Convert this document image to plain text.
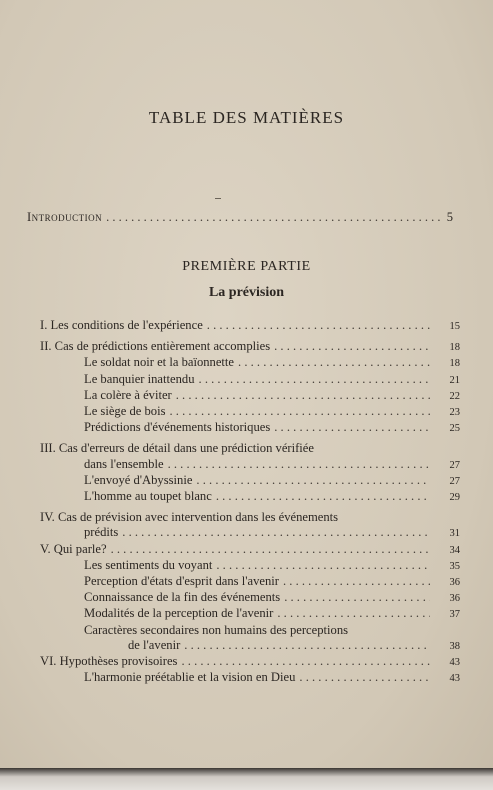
TABLE DES MATIÈRES
Introduction . . .	5
PREMIÈRE PARTIE
La prévision
I. Les conditions de l'expérience . . .	15
II. Cas de prédictions entièrement accomplies . . .	18
Le soldat noir et la baïonnette . . .	18
Le banquier inattendu . . .	21
La colère à éviter . . .	22
Le siège de bois . . .	23
Prédictions d'événements historiques . . .	25
III. Cas d'erreurs de détail dans une prédiction vérifiée
dans l'ensemble . . .	27
L'envoyé d'Abyssinie . . .	27
L'homme au toupet blanc . . .	29
IV. Cas de prévision avec intervention dans les événements
prédits . . .	31
V. Qui parle? . . .	34
Les sentiments du voyant . . .	35
Perception d'états d'esprit dans l'avenir . . .	36
Connaissance de la fin des événements . . .	36
Modalités de la perception de l'avenir . . .	37
Caractères secondaires non humains des perceptions
de l'avenir . . .	38
VI. Hypothèses provisoires . . .	43
L'harmonie préétablie et la vision en Dieu . . .	43
